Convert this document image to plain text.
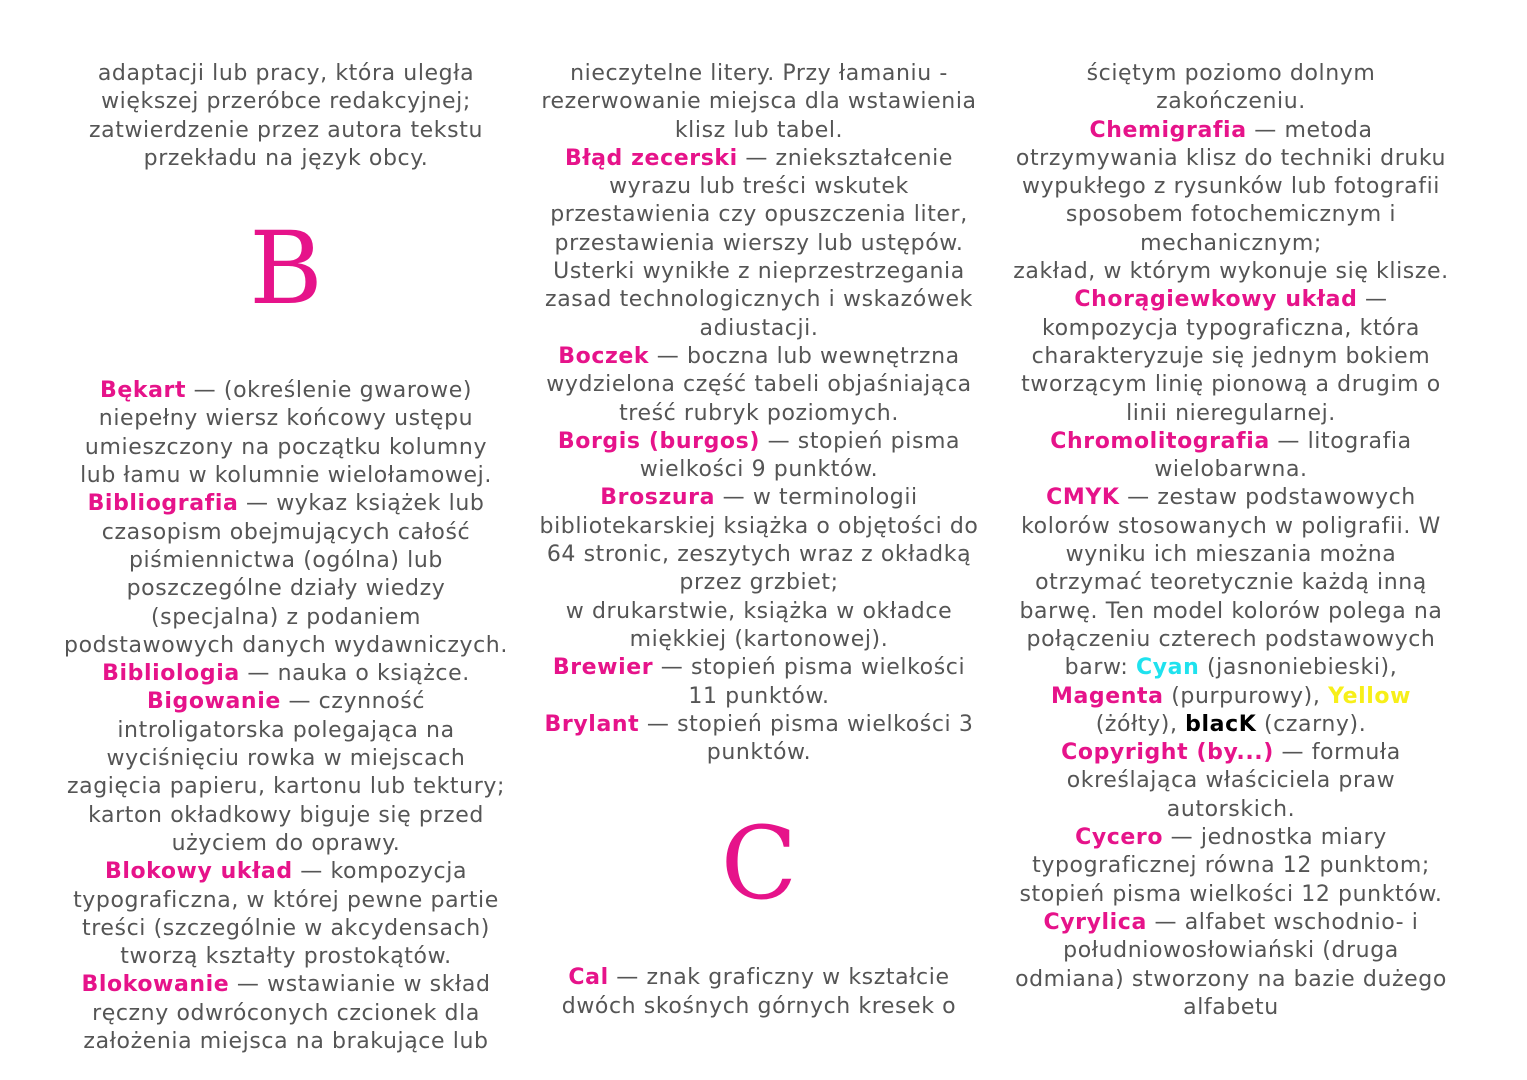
adaptacji lub pracy, która uległa większej przeróbce redakcyjnej; zatwierdzenie przez autora tekstu przekładu na język obcy.

B

Bękart — (określenie gwarowe) niepełny wiersz końcowy ustępu umieszczony na początku kolumny lub łamu w kolumnie wielołamowej.

Bibliografia — wykaz książek lub czasopism obejmujących całość piśmiennictwa (ogólna) lub poszczególne działy wiedzy (specjalna) z podaniem podstawowych danych wydawniczych.

Bibliologia — nauka o książce.

Bigowanie — czynność introligatorska polegająca na wyciśnięciu rowka w miejscach zagięcia papieru, kartonu lub tektury; karton okładkowy biguje się przed użyciem do oprawy.

Blokowy układ — kompozycja typograficzna, w której pewne partie treści (szczególnie w akcydensach) tworzą kształty prostokątów.

Blokowanie — wstawianie w skład ręczny odwróconych czcionek dla założenia miejsca na brakujące lub

nieczytelne litery. Przy łamaniu - rezerwowanie miejsca dla wstawienia klisz lub tabel.

Błąd zecerski — zniekształcenie wyrazu lub treści wskutek przestawienia czy opuszczenia liter, przestawienia wierszy lub ustępów.

Usterki wynikłe z nieprzestrzegania zasad technologicznych i wskazówek adiustacji.

Boczek — boczna lub wewnętrzna wydzielona część tabeli objaśniająca treść rubryk poziomych.

Borgis (burgos) — stopień pisma wielkości 9 punktów.

Broszura — w terminologii bibliotekarskiej książka o objętości do 64 stronic, zeszytych wraz z okładką przez grzbiet;

w drukarstwie, książka w okładce miękkiej (kartonowej).

Brewier — stopień pisma wielkości 11 punktów.

Brylant — stopień pisma wielkości 3 punktów.

C

Cal — znak graficzny w kształcie dwóch skośnych górnych kresek o

ściętym poziomo dolnym zakończeniu.

Chemigrafia — metoda otrzymywania klisz do techniki druku wypukłego z rysunków lub fotografii sposobem fotochemicznym i mechanicznym;

zakład, w którym wykonuje się klisze.

Chorągiewkowy układ — kompozycja typograficzna, która charakteryzuje się jednym bokiem tworzącym linię pionową a drugim o linii nieregularnej.

Chromolitografia — litografia wielobarwna.

CMYK — zestaw podstawowych kolorów stosowanych w poligrafii. W wyniku ich mieszania można otrzymać teoretycznie każdą inną barwę. Ten model kolorów polega na połączeniu czterech podstawowych barw: Cyan (jasnoniebieski), Magenta (purpurowy), Yellow (żółty), blacK (czarny).

Copyright (by...) — formuła określająca właściciela praw autorskich.

Cycero — jednostka miary typograficznej równa 12 punktom;

stopień pisma wielkości 12 punktów.

Cyrylica — alfabet wschodnio- i południowosłowiański (druga odmiana) stworzony na bazie dużego alfabetu
